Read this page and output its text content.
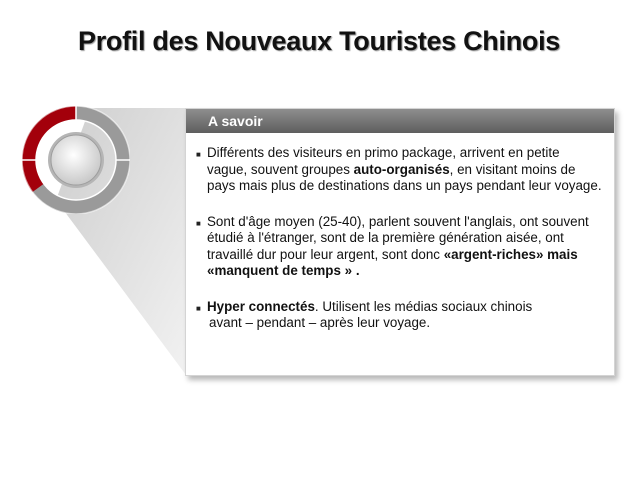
Profil des Nouveaux Touristes Chinois
A savoir
■ Différents des visiteurs en primo package, arrivent en petite vague, souvent groupes auto-organisés, en visitant moins de pays mais plus de destinations dans un pays pendant leur voyage.
■ Sont d'âge moyen (25-40), parlent souvent l'anglais, ont souvent étudié à l'étranger, sont de la première génération aisée, ont travaillé dur pour leur argent, sont donc «argent-riches» mais «manquent de temps » .
■ Hyper connectés. Utilisent les médias sociaux chinois
avant – pendant – après leur voyage.
